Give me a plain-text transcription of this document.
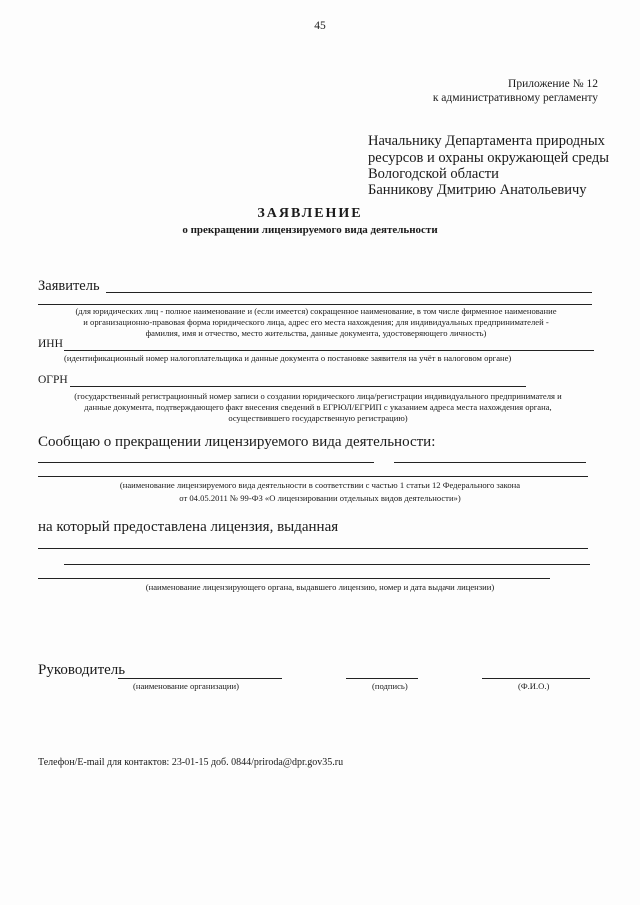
45
Приложение № 12
к административному регламенту
Начальнику Департамента природных
ресурсов и охраны окружающей среды
Вологодской области
Банникову Дмитрию Анатольевичу
ЗАЯВЛЕНИЕ
о прекращении лицензируемого вида деятельности
Заявитель
(для юридических лиц - полное наименование и (если имеется) сокращенное наименование, в том числе фирменное наименование
и организационно-правовая форма юридического лица, адрес его места нахождения; для индивидуальных предпринимателей -
фамилия, имя и отчество, место жительства, данные документа, удостоверяющего личность)
ИНН
(идентификационный номер налогоплательщика и данные документа о постановке заявителя на учёт в налоговом органе)
ОГРН
(государственный регистрационный номер записи о создании юридического лица/регистрации индивидуального предпринимателя и
данные документа, подтверждающего факт внесения сведений в ЕГРЮЛ/ЕГРИП с указанием адреса места нахождения органа,
осуществившего государственную регистрацию)
Сообщаю о прекращении лицензируемого вида деятельности:
(наименование лицензируемого вида деятельности в соответствии с частью 1 статьи 12 Федерального закона
от 04.05.2011 № 99-ФЗ «О лицензировании отдельных видов деятельности»)
на который предоставлена лицензия, выданная
(наименование лицензирующего органа, выдавшего лицензию, номер и дата выдачи лицензии)
Руководитель
(наименование организации)	(подпись)	(Ф.И.О.)
Телефон/E-mail для контактов: 23-01-15 доб. 0844/priroda@dpr.gov35.ru
